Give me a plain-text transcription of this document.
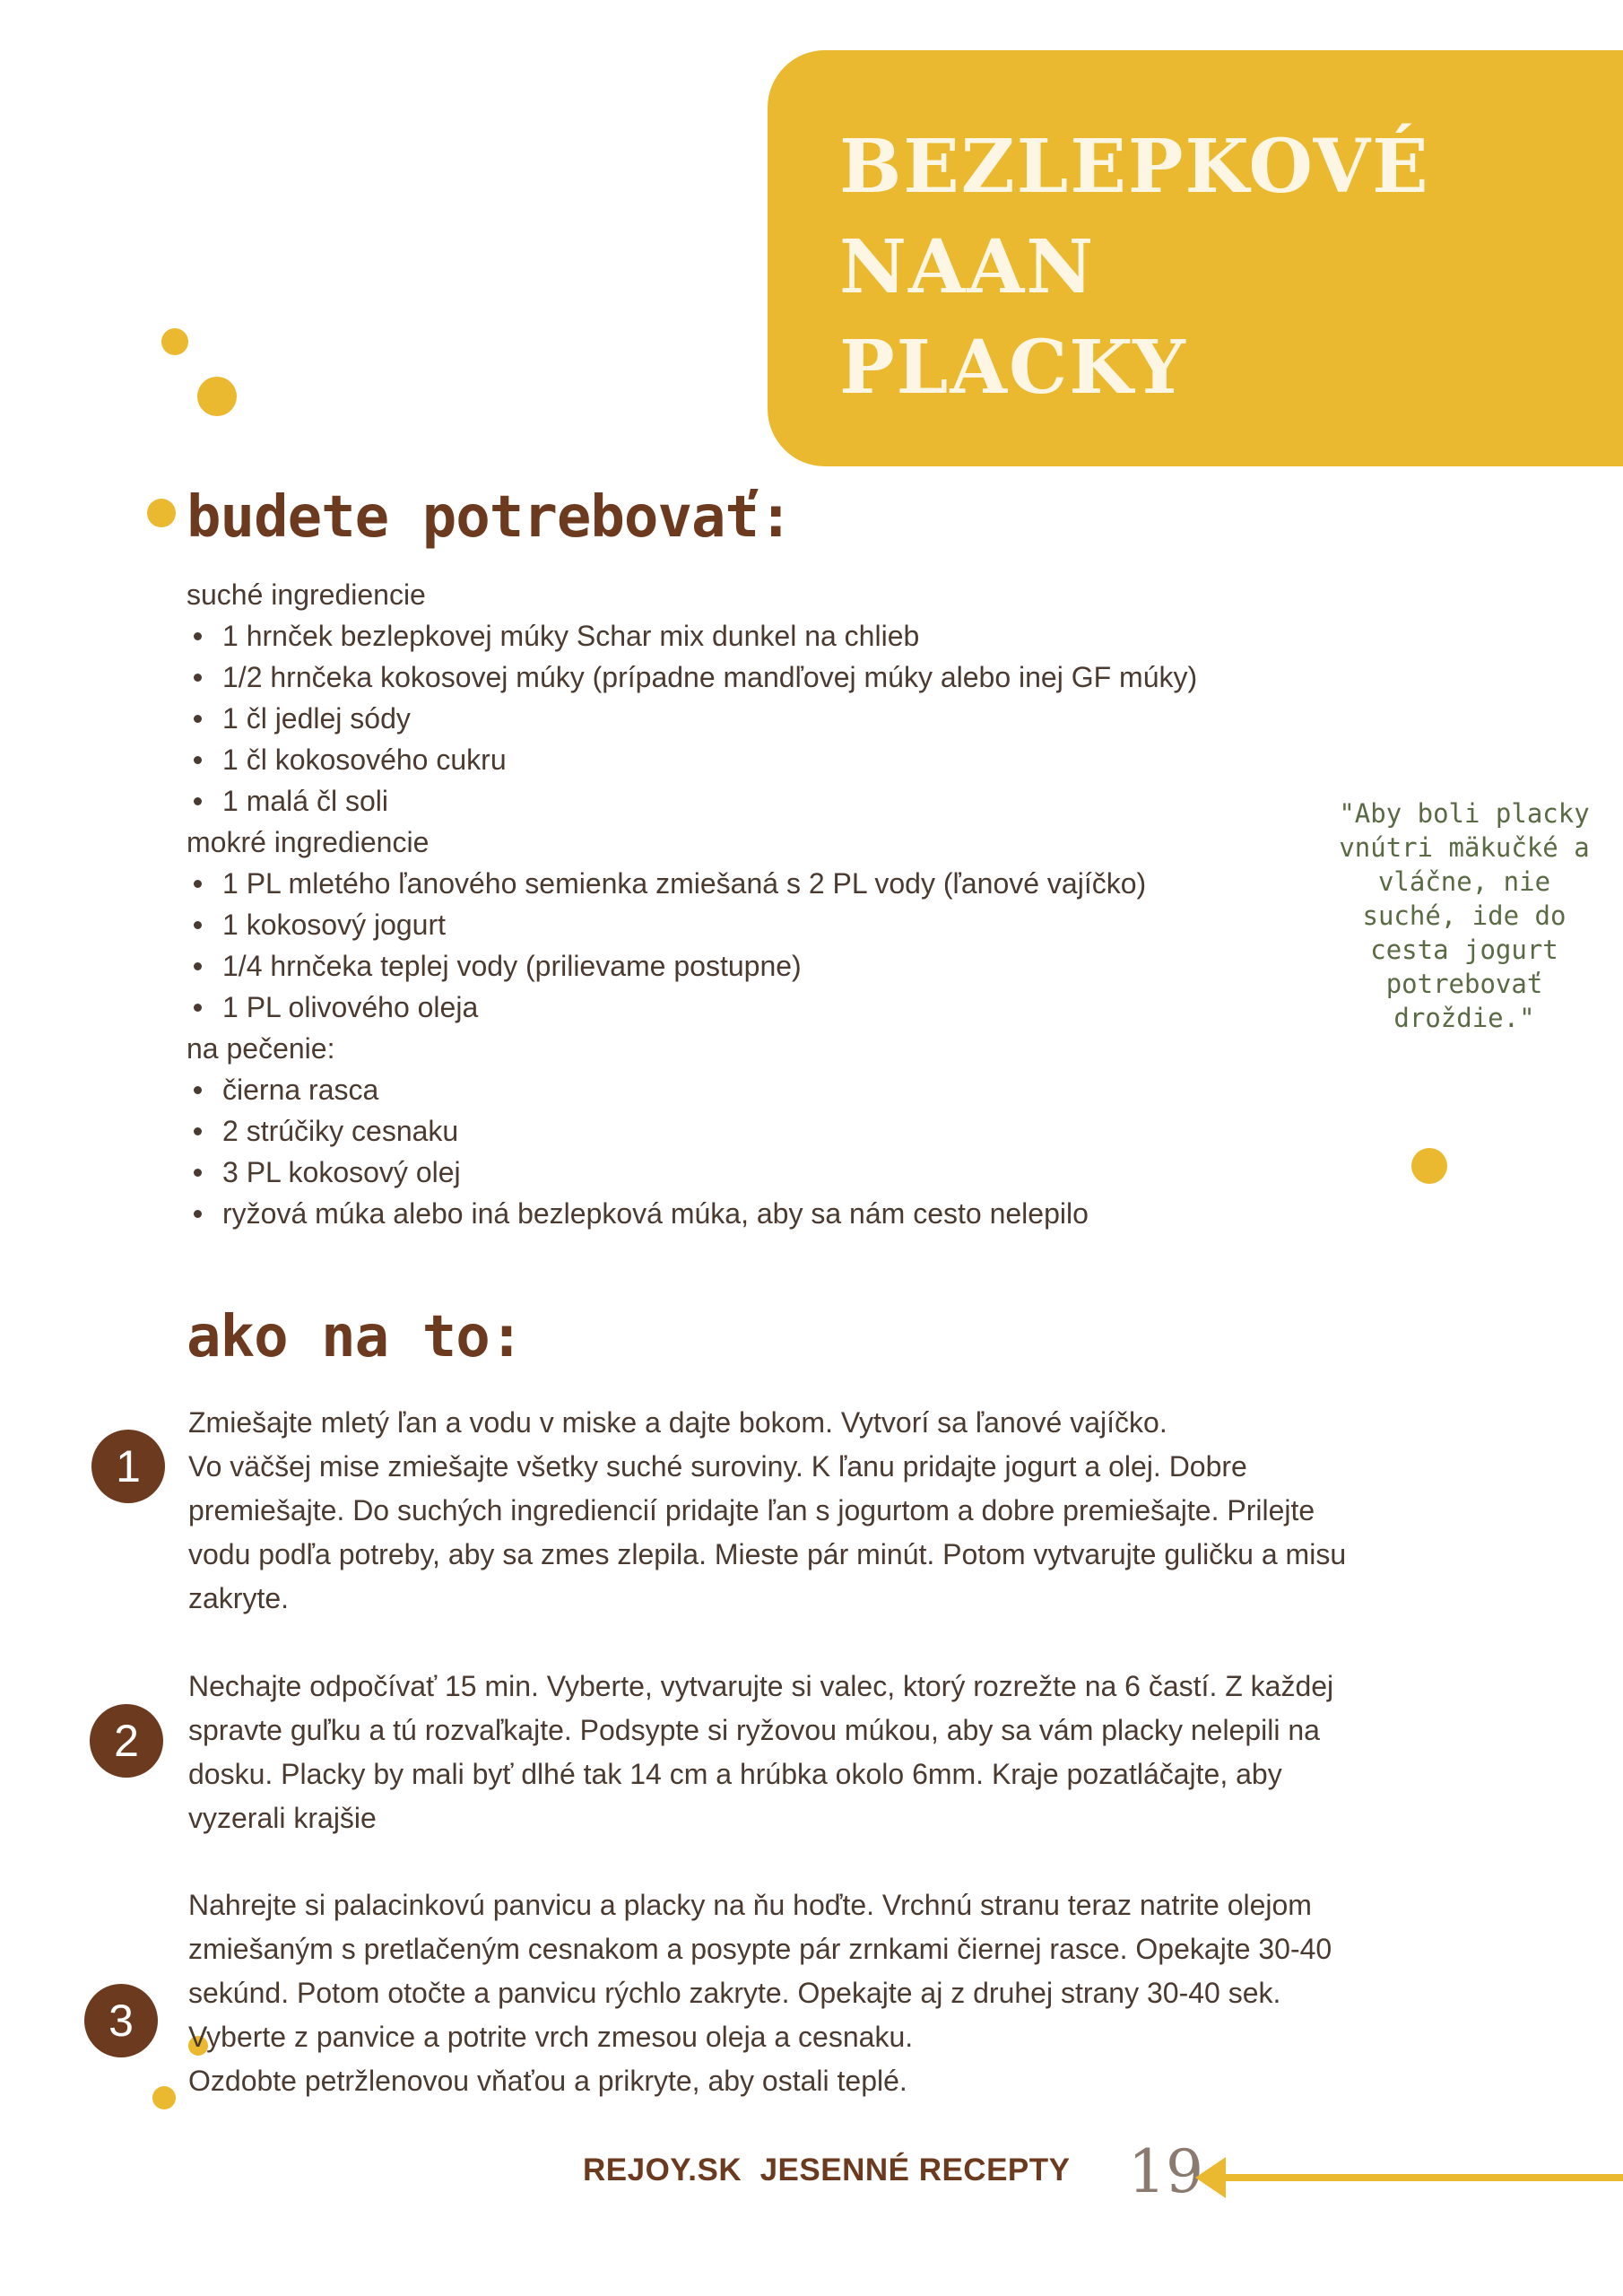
BEZLEPKOVÉ
NAAN
PLACKY
budete potrebovať:

suché ingrediencie

1 hrnček bezlepkovej múky Schar mix dunkel na chlieb
1/2 hrnčeka kokosovej múky (prípadne mandľovej múky alebo inej GF múky)
1 čl jedlej sódy
1 čl kokosového cukru
1 malá čl soli

mokré ingrediencie

1 PL mletého ľanového semienka zmiešaná s 2 PL vody (ľanové vajíčko)
1 kokosový jogurt
1/4 hrnčeka teplej vody (prilievame postupne)
1 PL olivového oleja

na pečenie:

čierna rasca
2 strúčiky cesnaku
3 PL kokosový olej
ryžová múka alebo iná bezlepková múka, aby sa nám cesto nelepilo

"Aby boli placky
vnútri mäkučké a
vláčne, nie
suché, ide do
cesta jogurt
potrebovať
droždie."

ako na to:
1

Zmiešajte mletý ľan a vodu v miske a dajte bokom. Vytvorí sa ľanové vajíčko.
Vo väčšej mise zmiešajte všetky suché suroviny. K ľanu pridajte jogurt a olej. Dobre
premiešajte. Do suchých ingrediencií pridajte ľan s jogurtom a dobre premiešajte. Prilejte
vodu podľa potreby, aby sa zmes zlepila. Mieste pár minút. Potom vytvarujte guličku a misu
zakryte.

2

Nechajte odpočívať 15 min. Vyberte, vytvarujte si valec, ktorý rozrežte na 6 častí. Z každej
spravte guľku a tú rozvaľkajte. Podsypte si ryžovou múkou, aby sa vám placky nelepili na
dosku. Placky by mali byť dlhé tak 14 cm a hrúbka okolo 6mm. Kraje pozatláčajte, aby
vyzerali krajšie

3

Nahrejte si palacinkovú panvicu a placky na ňu hoďte. Vrchnú stranu teraz natrite olejom
zmiešaným s pretlačeným cesnakom a posypte pár zrnkami čiernej rasce. Opekajte 30-40
sekúnd. Potom otočte a panvicu rýchlo zakryte. Opekajte aj z druhej strany 30-40 sek.
Vyberte z panvice a potrite vrch zmesou oleja a cesnaku.
Ozdobte petržlenovou vňaťou a prikryte, aby ostali teplé.

REJOY.SK  JESENNÉ RECEPTY 19
